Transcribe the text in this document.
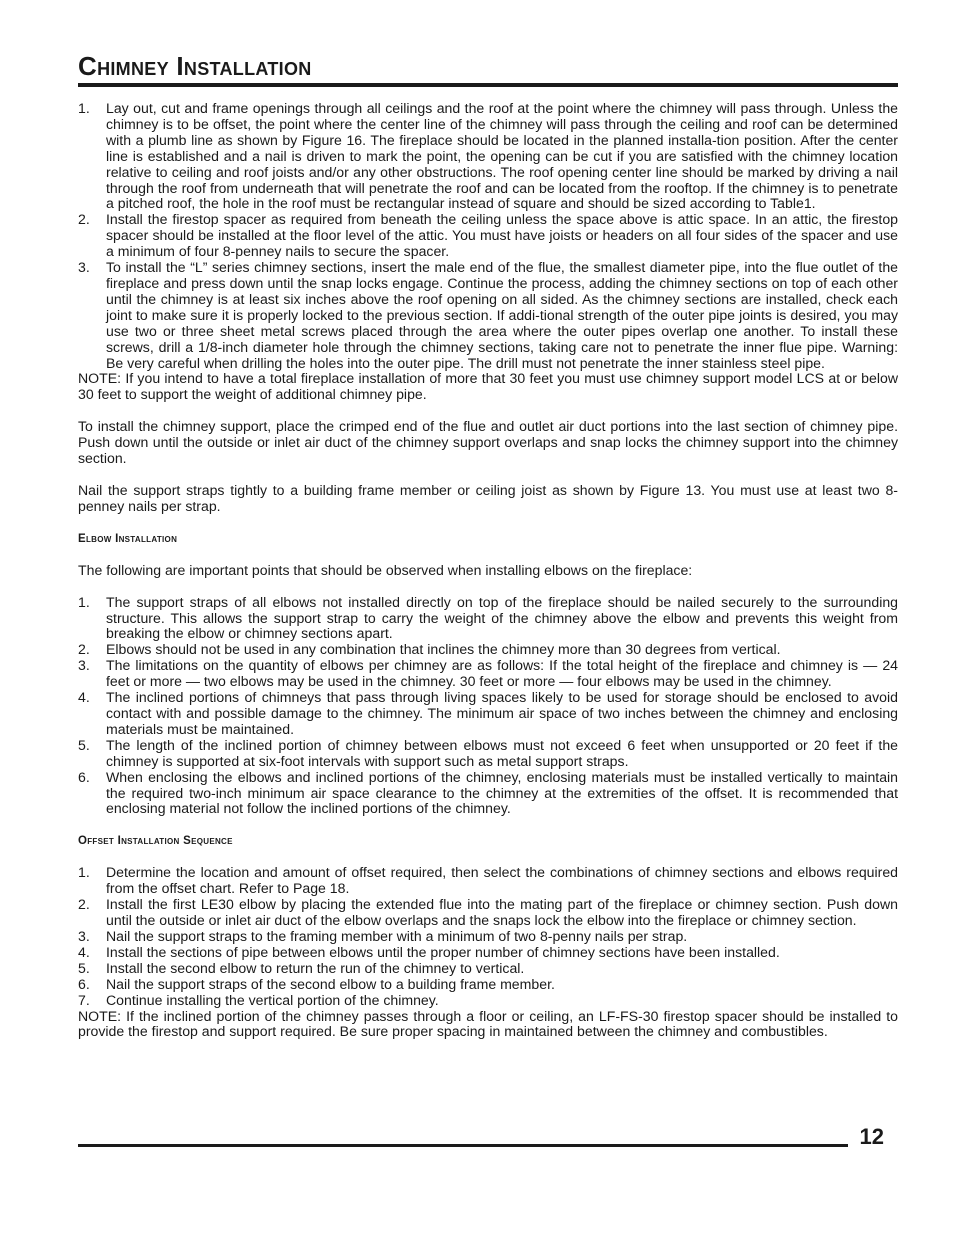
Chimney Installation
1. Lay out, cut and frame openings through all ceilings and the roof at the point where the chimney will pass through. Unless the chimney is to be offset, the point where the center line of the chimney will pass through the ceiling and roof can be determined with a plumb line as shown by Figure 16. The fireplace should be located in the planned installa-tion position. After the center line is established and a nail is driven to mark the point, the opening can be cut if you are satisfied with the chimney location relative to ceiling and roof joists and/or any other obstructions. The roof opening center line should be marked by driving a nail through the roof from underneath that will penetrate the roof and can be located from the rooftop. If the chimney is to penetrate a pitched roof, the hole in the roof must be rectangular instead of square and should be sized according to Table1.
2. Install the firestop spacer as required from beneath the ceiling unless the space above is attic space. In an attic, the firestop spacer should be installed at the floor level of the attic. You must have joists or headers on all four sides of the spacer and use a minimum of four 8-penney nails to secure the spacer.
3. To install the “L” series chimney sections, insert the male end of the flue, the smallest diameter pipe, into the flue outlet of the fireplace and press down until the snap locks engage. Continue the process, adding the chimney sections on top of each other until the chimney is at least six inches above the roof opening on all sided. As the chimney sections are installed, check each joint to make sure it is properly locked to the previous section. If addi-tional strength of the outer pipe joints is desired, you may use two or three sheet metal screws placed through the area where the outer pipes overlap one another. To install these screws, drill a 1/8-inch diameter hole through the chimney sections, taking care not to penetrate the inner flue pipe. Warning: Be very careful when drilling the holes into the outer pipe. The drill must not penetrate the inner stainless steel pipe.

NOTE: If you intend to have a total fireplace installation of more that 30 feet you must use chimney support model LCS at or below 30 feet to support the weight of additional chimney pipe.

To install the chimney support, place the crimped end of the flue and outlet air duct portions into the last section of chimney pipe. Push down until the outside or inlet air duct of the chimney support overlaps and snap locks the chimney support into the chimney section.

Nail the support straps tightly to a building frame member or ceiling joist as shown by Figure 13. You must use at least two 8-penney nails per strap.

Elbow Installation

The following are important points that should be observed when installing elbows on the fireplace:

1. The support straps of all elbows not installed directly on top of the fireplace should be nailed securely to the surrounding structure. This allows the support strap to carry the weight of the chimney above the elbow and prevents this weight from breaking the elbow or chimney sections apart.
2. Elbows should not be used in any combination that inclines the chimney more than 30 degrees from vertical.
3. The limitations on the quantity of elbows per chimney are as follows: If the total height of the fireplace and chimney is — 24 feet or more — two elbows may be used in the chimney. 30 feet or more — four elbows may be used in the chimney.
4. The inclined portions of chimneys that pass through living spaces likely to be used for storage should be enclosed to avoid contact with and possible damage to the chimney. The minimum air space of two inches between the chimney and enclosing materials must be maintained.
5. The length of the inclined portion of chimney between elbows must not exceed 6 feet when unsupported or 20 feet if the chimney is supported at six-foot intervals with support such as metal support straps.
6. When enclosing the elbows and inclined portions of the chimney, enclosing materials must be installed vertically to maintain the required two-inch minimum air space clearance to the chimney at the extremities of the offset. It is recommended that enclosing material not follow the inclined portions of the chimney.
Offset Installation Sequence
1. Determine the location and amount of offset required, then select the combinations of chimney sections and elbows required from the offset chart. Refer to Page 18.
2. Install the first LE30 elbow by placing the extended flue into the mating part of the fireplace or chimney section. Push down until the outside or inlet air duct of the elbow overlaps and the snaps lock the elbow into the fireplace or chimney section.
3. Nail the support straps to the framing member with a minimum of two 8-penny nails per strap.
4. Install the sections of pipe between elbows until the proper number of chimney sections have been installed.
5. Install the second elbow to return the run of the chimney to vertical.
6. Nail the support straps of the second elbow to a building frame member.
7. Continue installing the vertical portion of the chimney.

NOTE: If the inclined portion of the chimney passes through a floor or ceiling, an LF-FS-30 firestop spacer should be installed to provide the firestop and support required. Be sure proper spacing in maintained between the chimney and combustibles.

12
